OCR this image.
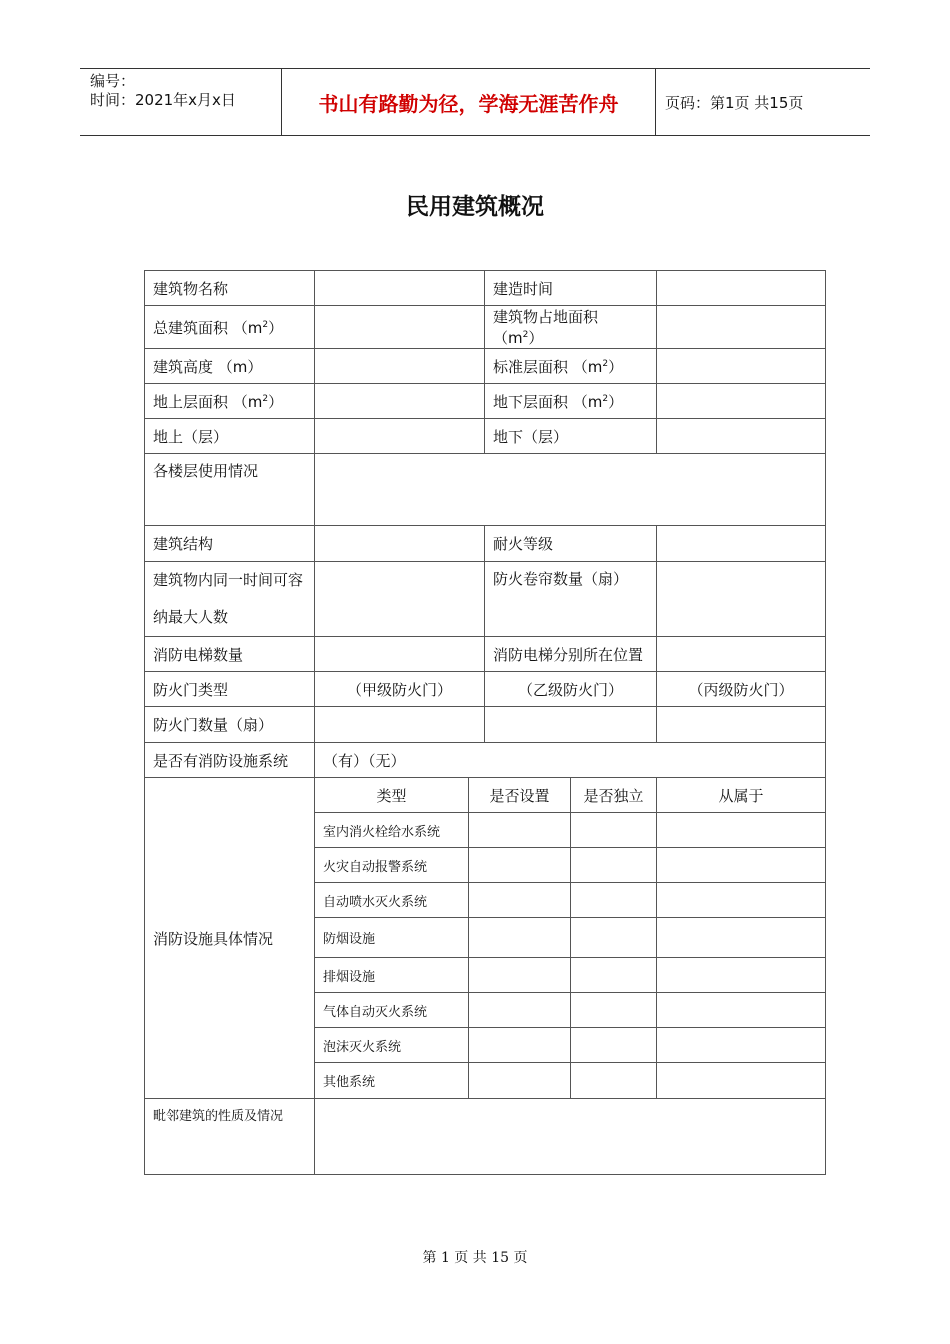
编号：
时间：2021年x月x日	书山有路勤为径，学海无涯苦作舟	页码：第1页 共15页
民用建筑概况
建筑物名称			建造时间		
总建筑面积 $(m^2)$			建筑物占地面积$(m^2)$		
建筑高度 （m）			标准层面积 $(m^2)$		
地上层面积 $(m^2)$			地下层面积 $(m^2)$		
地上（层）			地下（层）		
各楼层使用情况					
建筑结构			耐火等级		
建筑物内同一时间可容纳最大人数			防火卷帘数量（扇）		
消防电梯数量			消防电梯分别所在位置		
防火门类型	（甲级防火门）		（乙级防火门）		（丙级防火门）
防火门数量（扇）					
是否有消防设施系统	（有）（无）				
消防设施具体情况	类型	是否设置		是否独立	从属于
	室内消火栓给水系统				
	火灾自动报警系统				
	自动喷水灭火系统				
	防烟设施				
	排烟设施				
	气体自动灭火系统				
	泡沫灭火系统				
	其他系统				
毗邻建筑的性质及情况					
第 1 页 共 15 页
